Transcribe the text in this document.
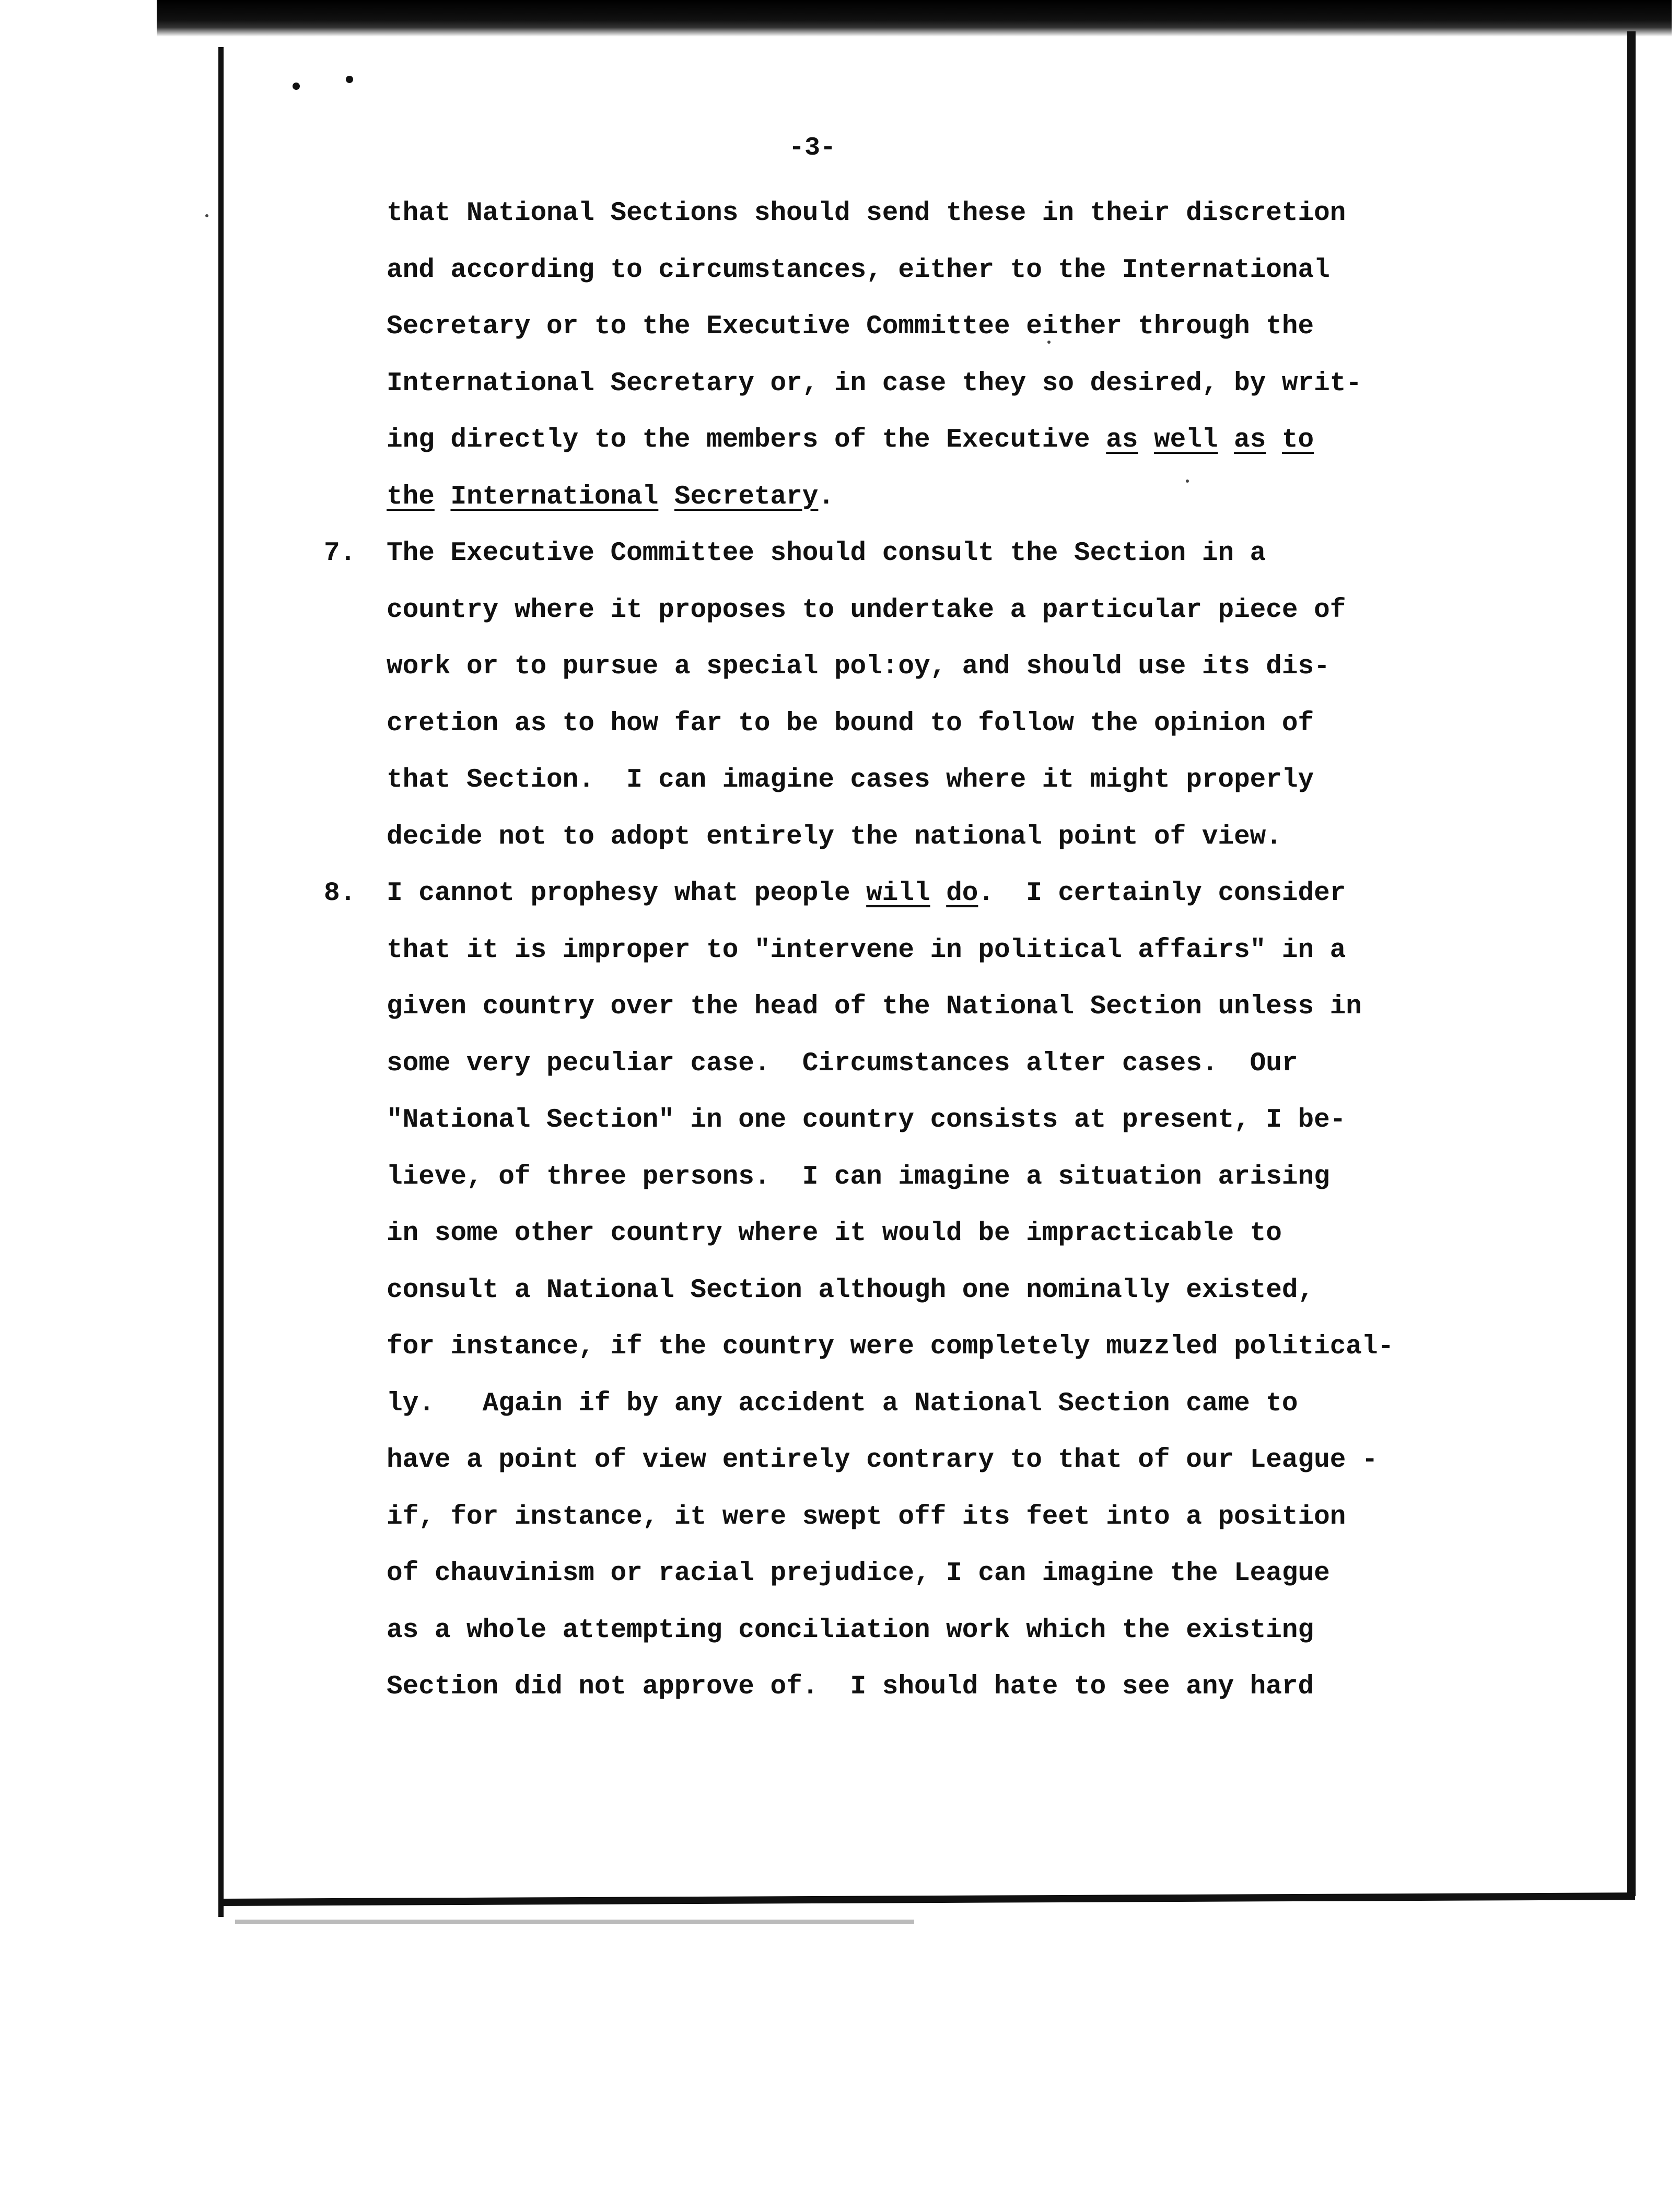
-3-
that National Sections should send these in their discretion
and according to circumstances, either to the International
Secretary or to the Executive Committee either through the
International Secretary or, in case they so desired, by writ-
ing directly to the members of the Executive as well as to
the International Secretary.
7. The Executive Committee should consult the Section in a
country where it proposes to undertake a particular piece of
work or to pursue a special pol:oy, and should use its dis-
cretion as to how far to be bound to follow the opinion of
that Section.  I can imagine cases where it might properly
decide not to adopt entirely the national point of view.
8. I cannot prophesy what people will do.  I certainly consider
that it is improper to "intervene in political affairs" in a
given country over the head of the National Section unless in
some very peculiar case.  Circumstances alter cases.  Our
"National Section" in one country consists at present, I be-
lieve, of three persons.  I can imagine a situation arising
in some other country where it would be impracticable to
consult a National Section although one nominally existed,
for instance, if the country were completely muzzled political-
ly.   Again if by any accident a National Section came to
have a point of view entirely contrary to that of our League -
if, for instance, it were swept off its feet into a position
of chauvinism or racial prejudice, I can imagine the League
as a whole attempting conciliation work which the existing
Section did not approve of.  I should hate to see any hard
